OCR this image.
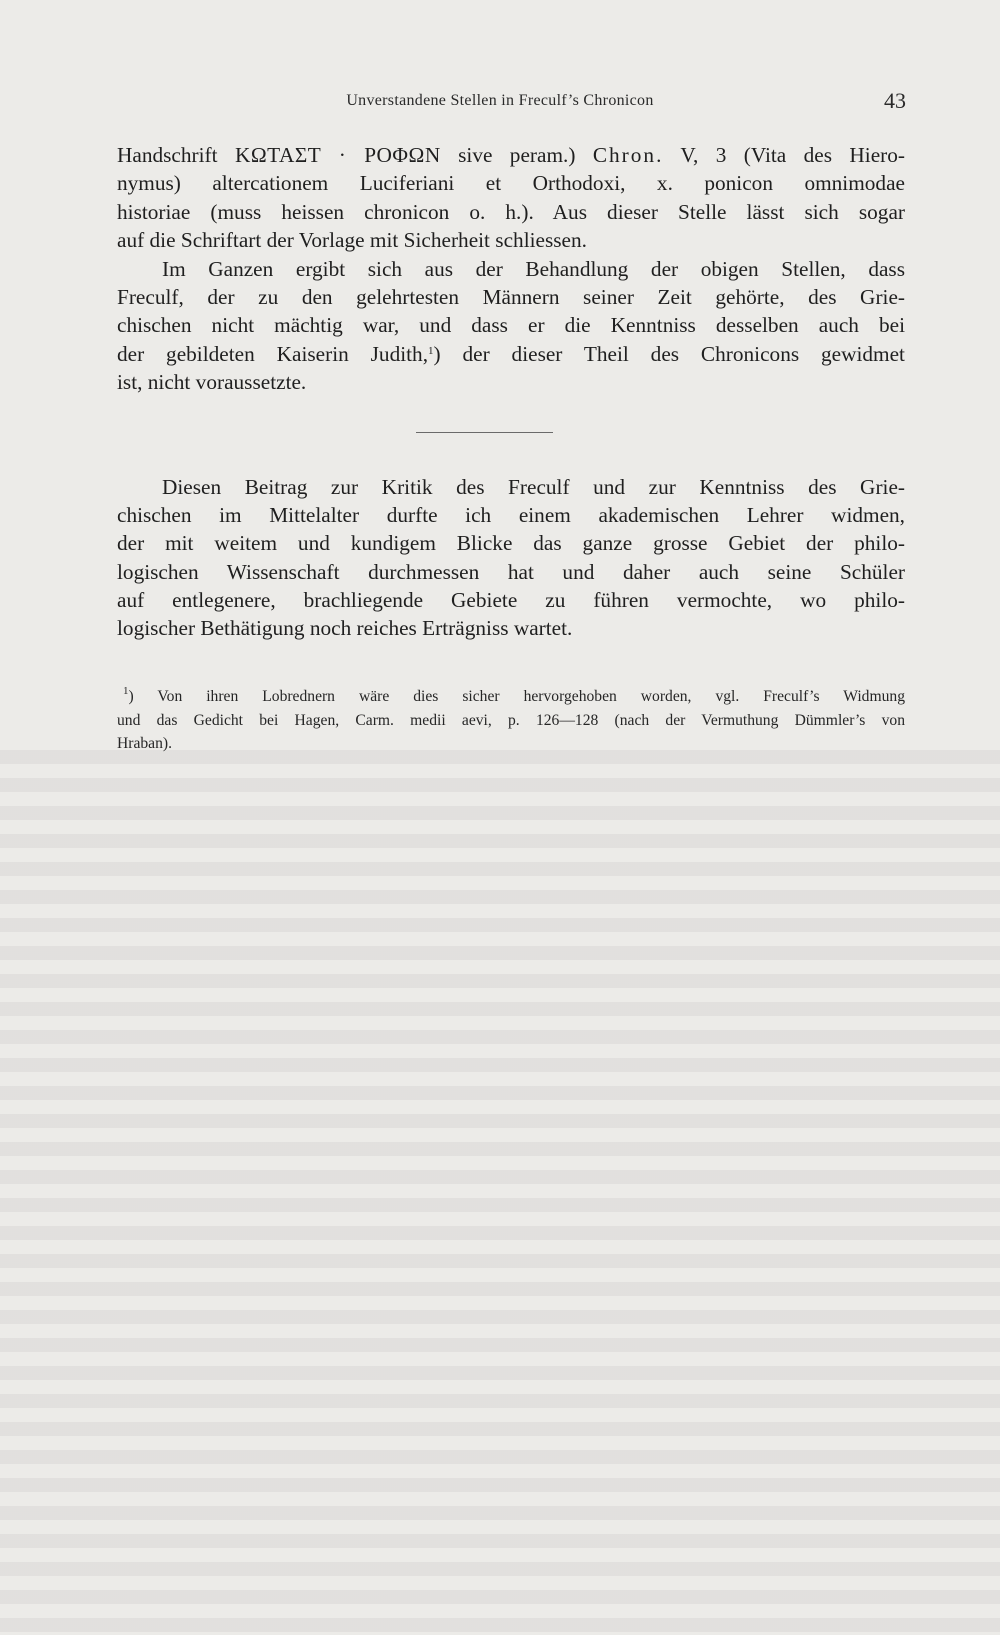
Unverstandene Stellen in Freculf’s Chronicon	43
Handschrift ΚΩΤΑΣΤ · ΡΟΦΩΝ sive peram.) Chron. V, 3 (Vita des Hiero-
nymus) altercationem Luciferiani et Orthodoxi, x. ponicon omnimodae
historiae (muss heissen chronicon o. h.). Aus dieser Stelle lässt sich sogar
auf die Schriftart der Vorlage mit Sicherheit schliessen.
Im Ganzen ergibt sich aus der Behandlung der obigen Stellen, dass
Freculf, der zu den gelehrtesten Männern seiner Zeit gehörte, des Grie-
chischen nicht mächtig war, und dass er die Kenntniss desselben auch bei
der gebildeten Kaiserin Judith,$^1$) der dieser Theil des Chronicons gewidmet
ist, nicht voraussetzte.
Diesen Beitrag zur Kritik des Freculf und zur Kenntniss des Grie-
chischen im Mittelalter durfte ich einem akademischen Lehrer widmen,
der mit weitem und kundigem Blicke das ganze grosse Gebiet der philo-
logischen Wissenschaft durchmessen hat und daher auch seine Schüler
auf entlegenere, brachliegende Gebiete zu führen vermochte, wo philo-
logischer Bethätigung noch reiches Erträgniss wartet.
$^1$) Von ihren Lobrednern wäre dies sicher hervorgehoben worden, vgl. Freculf’s Widmung
und das Gedicht bei Hagen, Carm. medii aevi, p. 126—128 (nach der Vermuthung Dümmler’s von
Hraban).
